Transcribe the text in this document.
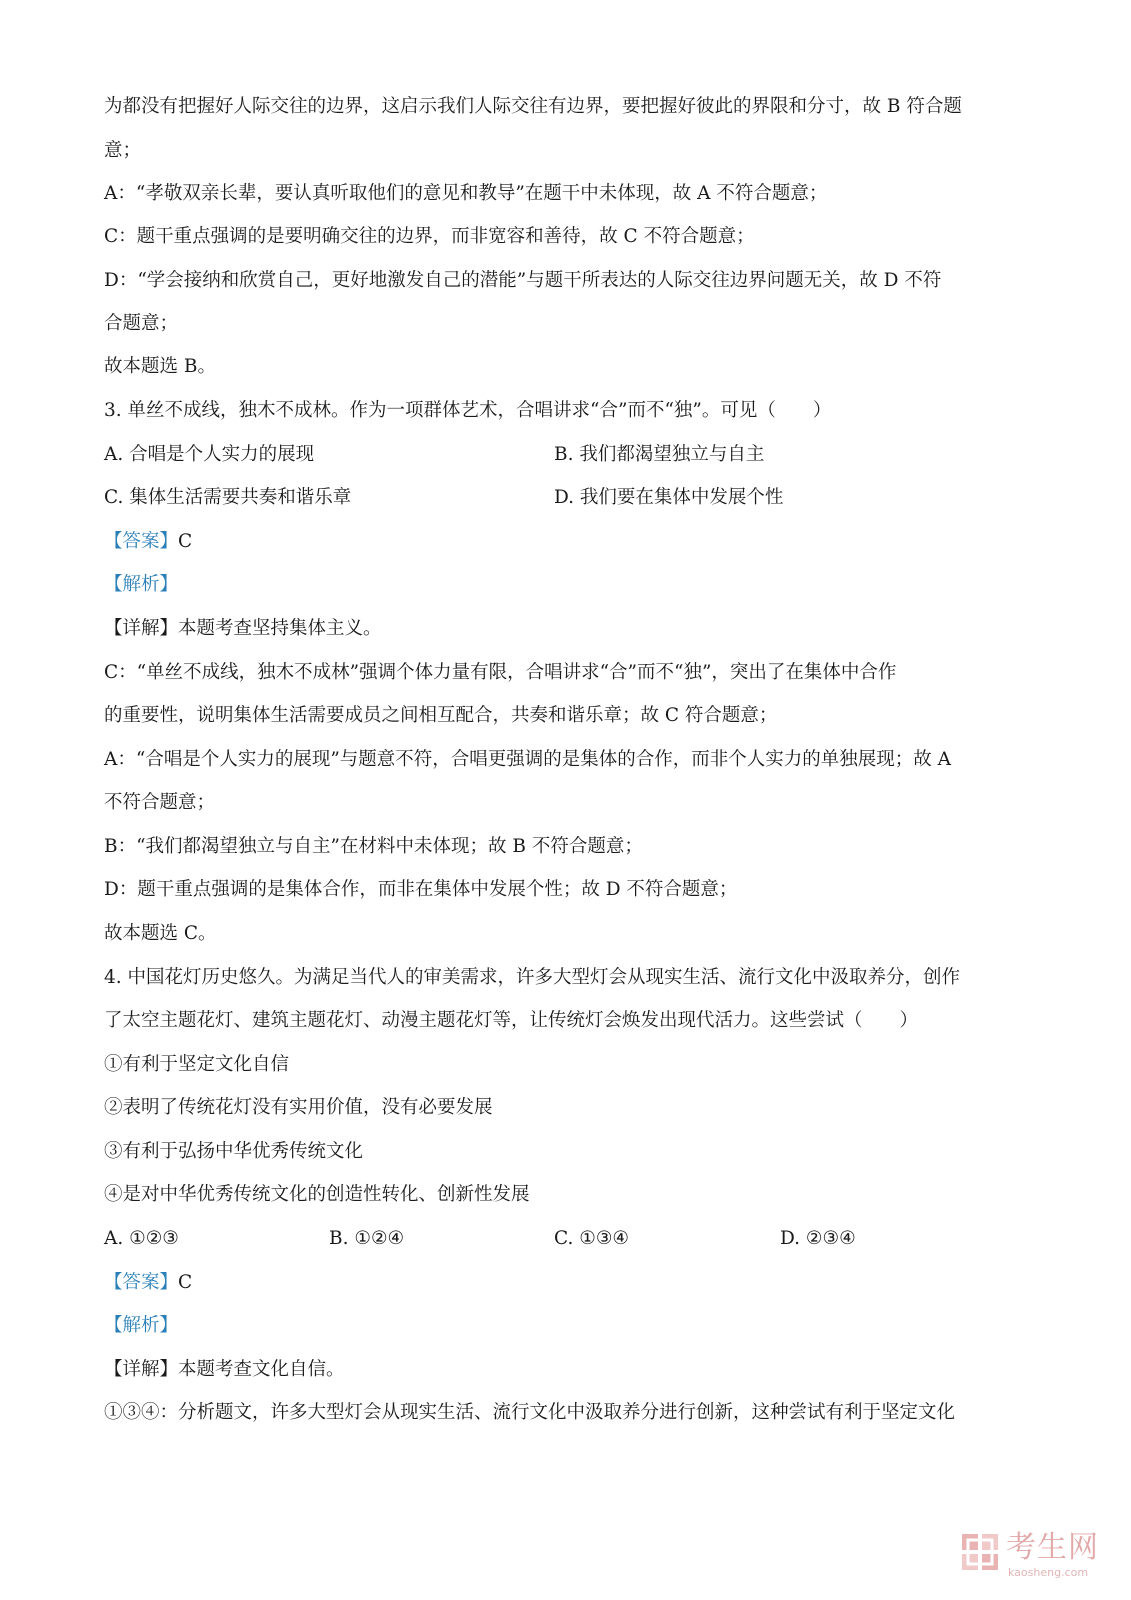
为都没有把握好人际交往的边界，这启示我们人际交往有边界，要把握好彼此的界限和分寸，故 B 符合题
意；
A：“孝敬双亲长辈，要认真听取他们的意见和教导”在题干中未体现，故 A 不符合题意；
C：题干重点强调的是要明确交往的边界，而非宽容和善待，故 C 不符合题意；
D：“学会接纳和欣赏自己，更好地激发自己的潜能”与题干所表达的人际交往边界问题无关，故 D 不符
合题意；
故本题选 B。
3. 单丝不成线，独木不成林。作为一项群体艺术，合唱讲求“合”而不“独”。可见（　　）
A. 合唱是个人实力的展现	B. 我们都渴望独立与自主
C. 集体生活需要共奏和谐乐章	D. 我们要在集体中发展个性
【答案】C
【解析】
【详解】本题考查坚持集体主义。
C：“单丝不成线，独木不成林”强调个体力量有限，合唱讲求“合”而不“独”，突出了在集体中合作
的重要性，说明集体生活需要成员之间相互配合，共奏和谐乐章；故 C 符合题意；
A：“合唱是个人实力的展现”与题意不符，合唱更强调的是集体的合作，而非个人实力的单独展现；故 A
不符合题意；
B：“我们都渴望独立与自主”在材料中未体现；故 B 不符合题意；
D：题干重点强调的是集体合作，而非在集体中发展个性；故 D 不符合题意；
故本题选 C。
4. 中国花灯历史悠久。为满足当代人的审美需求，许多大型灯会从现实生活、流行文化中汲取养分，创作
了太空主题花灯、建筑主题花灯、动漫主题花灯等，让传统灯会焕发出现代活力。这些尝试（　　）
①有利于坚定文化自信
②表明了传统花灯没有实用价值，没有必要发展
③有利于弘扬中华优秀传统文化
④是对中华优秀传统文化的创造性转化、创新性发展
A. ①②③	B. ①②④	C. ①③④	D. ②③④
【答案】C
【解析】
【详解】本题考查文化自信。
①③④：分析题文，许多大型灯会从现实生活、流行文化中汲取养分进行创新，这种尝试有利于坚定文化
考生网
kaosheng.com
